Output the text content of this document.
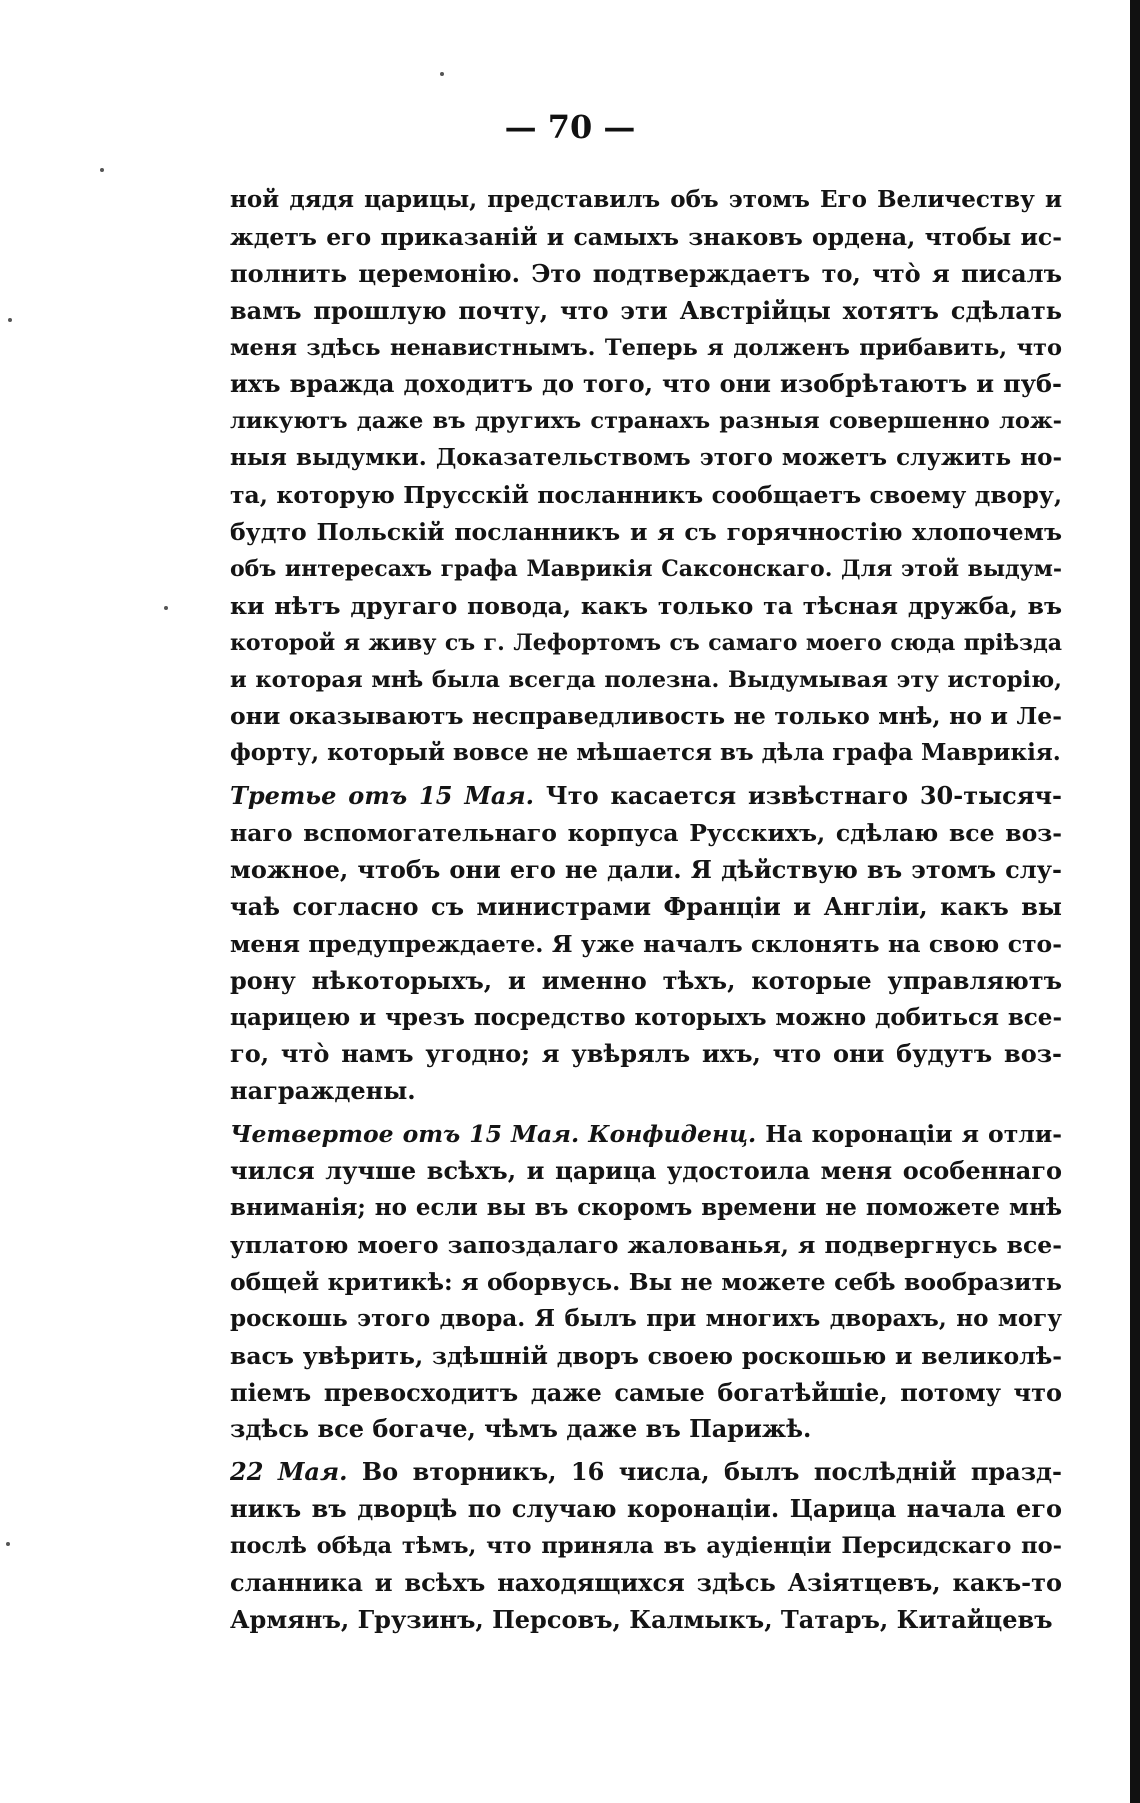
— 70 —
ной дядя царицы, представилъ объ этомъ Его Величеству и
ждетъ его приказаній и самыхъ знаковъ ордена, чтобы ис-
полнить церемонію. Это подтверждаетъ то, чтò я писалъ
вамъ прошлую почту, что эти Австрійцы хотятъ сдѣлать
меня здѣсь ненавистнымъ. Теперь я долженъ прибавить, что
ихъ вражда доходитъ до того, что они изобрѣтаютъ и пуб-
ликуютъ даже въ другихъ странахъ разныя совершенно лож-
ныя выдумки. Доказательствомъ этого можетъ служить но-
та, которую Прусскій посланникъ сообщаетъ своему двору,
будто Польскій посланникъ и я съ горячностію хлопочемъ
объ интересахъ графа Маврикія Саксонскаго. Для этой выдум-
ки нѣтъ другаго повода, какъ только та тѣсная дружба, въ
которой я живу съ г. Лефортомъ съ самаго моего сюда пріѣзда
и которая мнѣ была всегда полезна. Выдумывая эту исторію,
они оказываютъ несправедливость не только мнѣ, но и Ле-
форту, который вовсе не мѣшается въ дѣла графа Маврикія.
Третье отъ 15 Мая. Что касается извѣстнаго 30-тысяч-
наго вспомогательнаго корпуса Русскихъ, сдѣлаю все воз-
можное, чтобъ они его не дали. Я дѣйствую въ этомъ слу-
чаѣ согласно съ министрами Франціи и Англіи, какъ вы
меня предупреждаете. Я уже началъ склонять на свою сто-
рону нѣкоторыхъ, и именно тѣхъ, которые управляютъ
царицею и чрезъ посредство которыхъ можно добиться все-
го, чтò намъ угодно; я увѣрялъ ихъ, что они будутъ воз-
награждены.
Четвертое отъ 15 Мая. Конфиденц. На коронаціи я отли-
чился лучше всѣхъ, и царица удостоила меня особеннаго
вниманія; но если вы въ скоромъ времени не поможете мнѣ
уплатою моего запоздалаго жалованья, я подвергнусь все-
общей критикѣ: я оборвусь. Вы не можете себѣ вообразить
роскошь этого двора. Я былъ при многихъ дворахъ, но могу
васъ увѣрить, здѣшній дворъ своею роскошью и великолѣ-
піемъ превосходитъ даже самые богатѣйшіе, потому что
здѣсь все богаче, чѣмъ даже въ Парижѣ.
22 Мая. Во вторникъ, 16 числа, былъ послѣдній празд-
никъ въ дворцѣ по случаю коронаціи. Царица начала его
послѣ обѣда тѣмъ, что приняла въ аудіенціи Персидскаго по-
сланника и всѣхъ находящихся здѣсь Азіятцевъ, какъ-то
Армянъ, Грузинъ, Персовъ, Калмыкъ, Татаръ, Китайцевъ
